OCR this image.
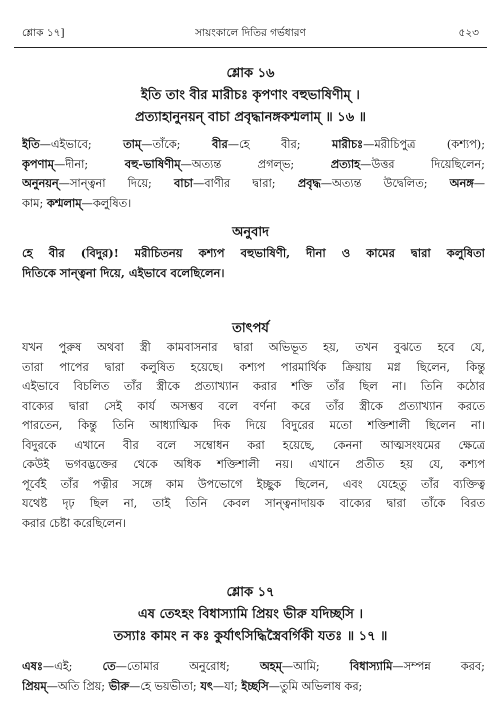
শ্লোক ১৭]	সায়ংকালে দিতির গর্ভধারণ	৫২৩
শ্লোক ১৬
ইতি তাং বীর মারীচঃ কৃপণাং বহুভাষিণীম্ ।
প্রত্যাহানুনয়ন্ বাচা প্রবৃদ্ধানঙ্গকশ্মলাম্ ॥ ১৬ ॥
ইতি—এইভাবে; তাম্—তাঁকে; বীর—হে বীর; মারীচঃ—মরীচিপুত্র (কশ্যপ);
কৃপণাম্—দীনা; বহু-ভাষিণীম্—অত্যন্ত প্রগল্ভ; প্রত্যাহ—উত্তর দিয়েছিলেন;
অনুনয়ন্—সান্ত্বনা দিয়ে; বাচা—বাণীর দ্বারা; প্রবৃদ্ধ—অত্যন্ত উদ্বেলিত; অনঙ্গ—
কাম; কশ্মলাম্—কলুষিত।
অনুবাদ
হে বীর (বিদুর)! মরীচিতনয় কশ্যপ বহুভাষিণী, দীনা ও কামের দ্বারা কলুষিতা
দিতিকে সান্ত্বনা দিয়ে, এইভাবে বলেছিলেন।
তাৎপর্য
যখন পুরুষ অথবা স্ত্রী কামবাসনার দ্বারা অভিভূত হয়, তখন বুঝতে হবে যে,
তারা পাপের দ্বারা কলুষিত হয়েছে। কশ্যপ পারমার্থিক ক্রিয়ায় মগ্ন ছিলেন, কিন্তু
এইভাবে বিচলিত তাঁর স্ত্রীকে প্রত্যাখ্যান করার শক্তি তাঁর ছিল না। তিনি কঠোর
বাক্যের দ্বারা সেই কার্য অসম্ভব বলে বর্ণনা করে তাঁর স্ত্রীকে প্রত্যাখ্যান করতে
পারতেন, কিন্তু তিনি আধ্যাত্মিক দিক দিয়ে বিদুরের মতো শক্তিশালী ছিলেন না।
বিদুরকে এখানে বীর বলে সম্বোধন করা হয়েছে, কেননা আত্মসংযমের ক্ষেত্রে
কেউই ভগবদ্ভক্তের থেকে অধিক শক্তিশালী নয়। এখানে প্রতীত হয় যে, কশ্যপ
পূর্বেই তাঁর পত্নীর সঙ্গে কাম উপভোগে ইচ্ছুক ছিলেন, এবং যেহেতু তাঁর ব্যক্তিত্ব
যথেষ্ট দৃঢ় ছিল না, তাই তিনি কেবল সান্ত্বনাদায়ক বাক্যের দ্বারা তাঁকে বিরত
করার চেষ্টা করেছিলেন।
শ্লোক ১৭
এষ তেঽহং বিধাস্যামি প্রিয়ং ভীরু যদিচ্ছসি ।
তস্যাঃ কামং ন কঃ কুর্যাৎসিদ্ধিস্ত্রৈবর্গিকী যতঃ ॥ ১৭ ॥
এষঃ—এই; তে—তোমার অনুরোধ; অহম্—আমি; বিধাস্যামি—সম্পন্ন করব;
প্রিয়ম্—অতি প্রিয়; ভীরু—হে ভয়ভীতা; যৎ—যা; ইচ্ছসি—তুমি অভিলাষ কর;
